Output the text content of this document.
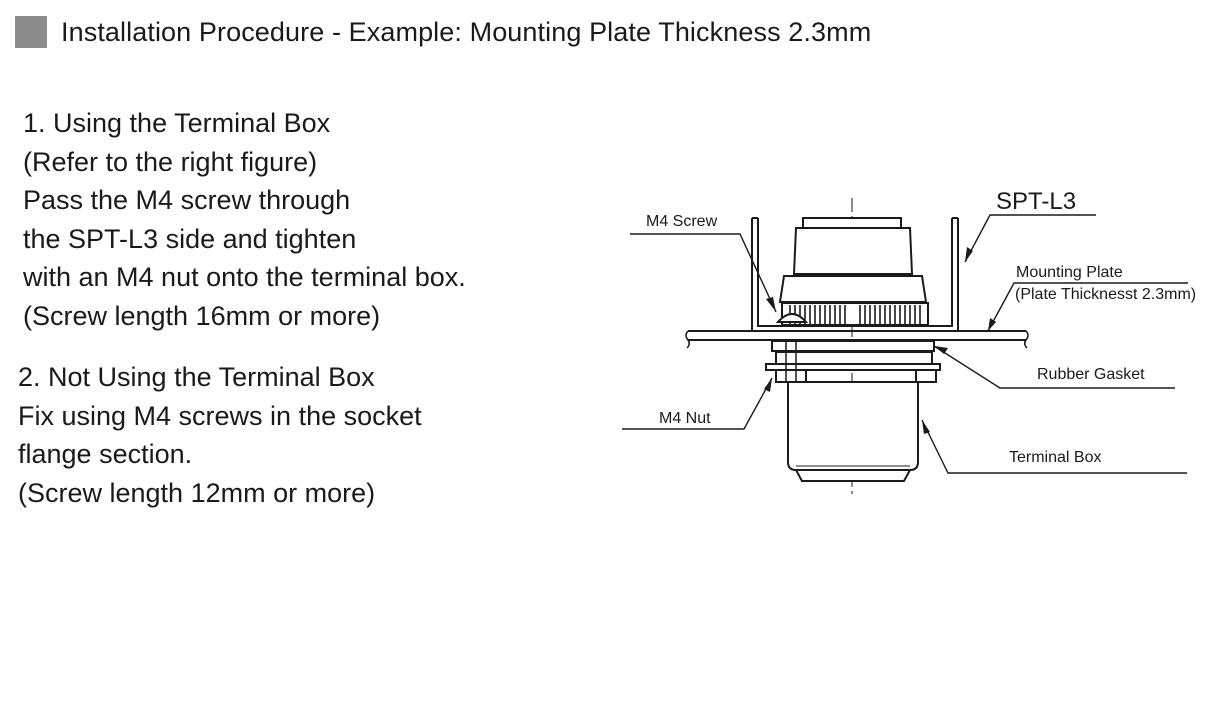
Installation Procedure - Example: Mounting Plate Thickness 2.3mm
1. Using the Terminal Box
(Refer to the right figure)
Pass the M4 screw through
the SPT-L3 side and tighten
with an M4 nut onto the terminal box.
(Screw length 16mm or more)
2. Not Using the Terminal Box
Fix using M4 screws in the socket
flange section.
(Screw length 12mm or more)
M4 Screw
SPT-L3
Mounting Plate
(Plate Thicknesst 2.3mm)
Rubber Gasket
M4 Nut
Terminal Box
